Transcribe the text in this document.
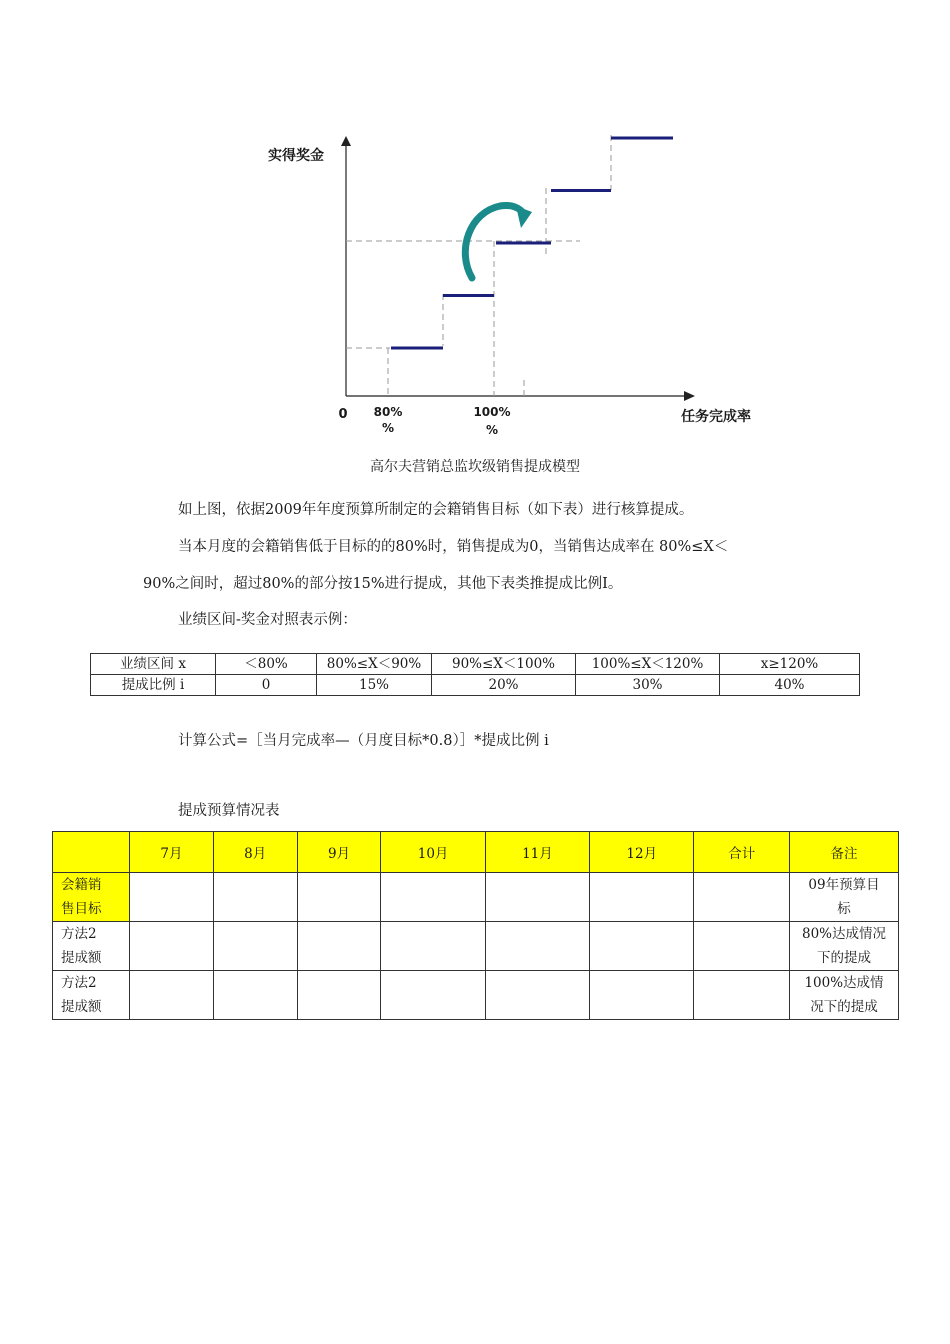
实得奖金
0 80%
%
100%
%
任务完成率
高尔夫营销总监坎级销售提成模型
如上图，依据2009年年度预算所制定的会籍销售目标（如下表）进行核算提成。
当本月度的会籍销售低于目标的的80%时，销售提成为0，当销售达成率在 80%≤X＜
90%之间时，超过80%的部分按15%进行提成，其他下表类推提成比例I。
业绩区间-奖金对照表示例：
业绩区间 x	＜80%	80%≤X＜90%	90%≤X＜100%	100%≤X＜120%	x≥120%
提成比例 i	0	15%	20%	30%	40%
计算公式=［当月完成率—（月度目标*0.8）］*提成比例 i
提成预算情况表
	7月	8月	9月	10月	11月	12月	合计	备注
会籍销
售目标								09年预算目
标
方法2
提成额								80%达成情况
下的提成
方法2
提成额								100%达成情
况下的提成
